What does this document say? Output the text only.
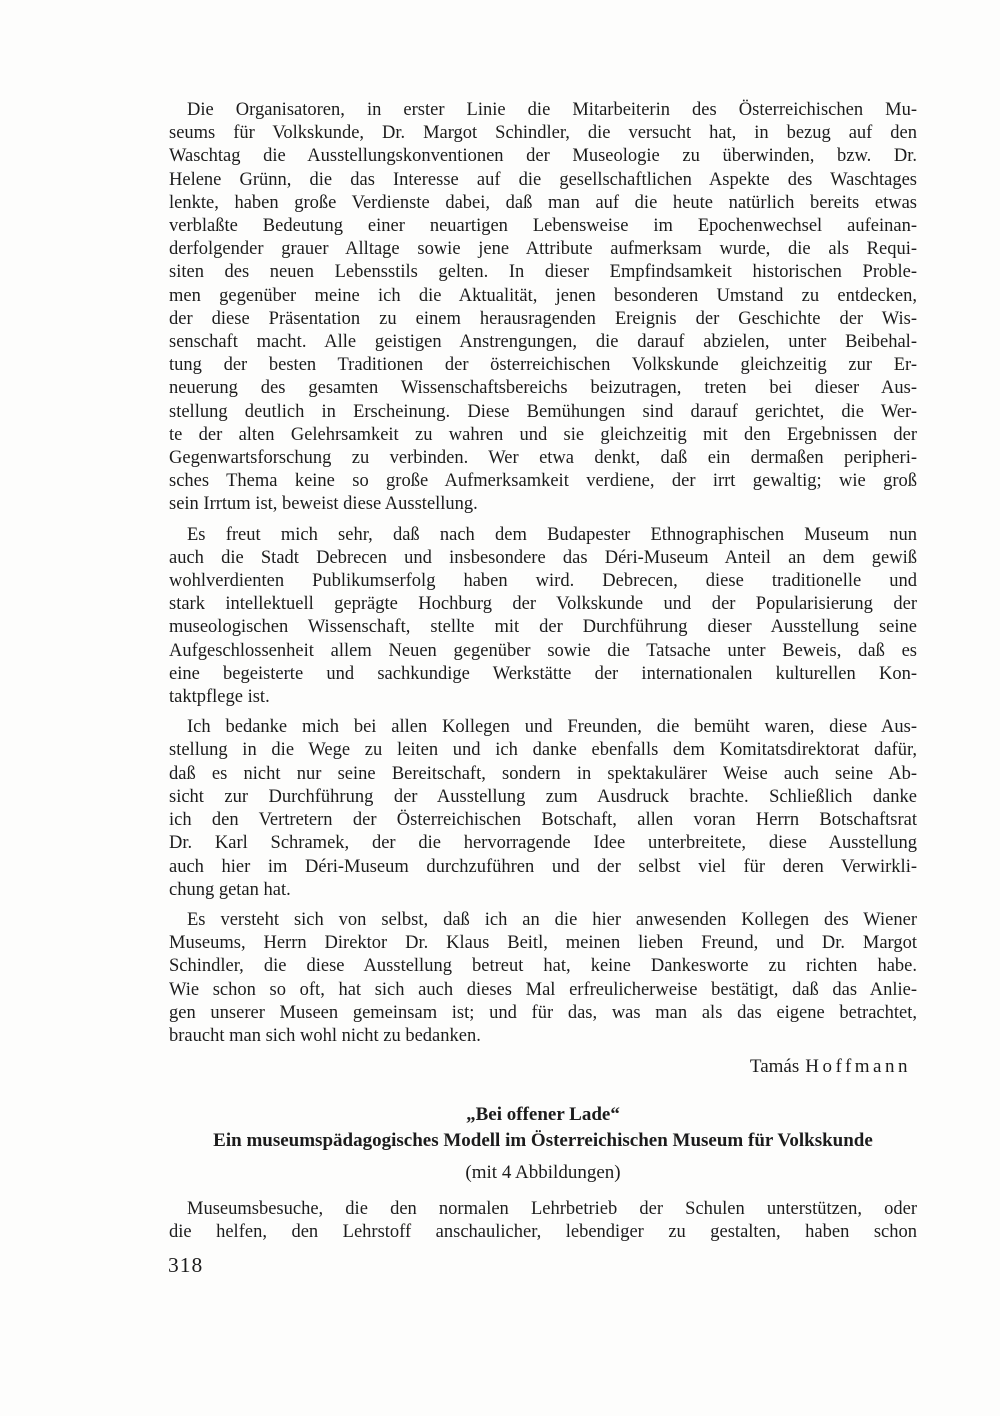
Die Organisatoren, in erster Linie die Mitarbeiterin des Österreichischen Mu-
seums für Volkskunde, Dr. Margot Schindler, die versucht hat, in bezug auf den
Waschtag die Ausstellungskonventionen der Museologie zu überwinden, bzw. Dr.
Helene Grünn, die das Interesse auf die gesellschaftlichen Aspekte des Waschtages
lenkte, haben große Verdienste dabei, daß man auf die heute natürlich bereits etwas
verblaßte Bedeutung einer neuartigen Lebensweise im Epochenwechsel aufeinan-
derfolgender grauer Alltage sowie jene Attribute aufmerksam wurde, die als Requi-
siten des neuen Lebensstils gelten. In dieser Empfindsamkeit historischen Proble-
men gegenüber meine ich die Aktualität, jenen besonderen Umstand zu entdecken,
der diese Präsentation zu einem herausragenden Ereignis der Geschichte der Wis-
senschaft macht. Alle geistigen Anstrengungen, die darauf abzielen, unter Beibehal-
tung der besten Traditionen der österreichischen Volkskunde gleichzeitig zur Er-
neuerung des gesamten Wissenschaftsbereichs beizutragen, treten bei dieser Aus-
stellung deutlich in Erscheinung. Diese Bemühungen sind darauf gerichtet, die Wer-
te der alten Gelehrsamkeit zu wahren und sie gleichzeitig mit den Ergebnissen der
Gegenwartsforschung zu verbinden. Wer etwa denkt, daß ein dermaßen peripheri-
sches Thema keine so große Aufmerksamkeit verdiene, der irrt gewaltig; wie groß
sein Irrtum ist, beweist diese Ausstellung.

Es freut mich sehr, daß nach dem Budapester Ethnographischen Museum nun
auch die Stadt Debrecen und insbesondere das Déri-Museum Anteil an dem gewiß
wohlverdienten Publikumserfolg haben wird. Debrecen, diese traditionelle und
stark intellektuell geprägte Hochburg der Volkskunde und der Popularisierung der
museologischen Wissenschaft, stellte mit der Durchführung dieser Ausstellung seine
Aufgeschlossenheit allem Neuen gegenüber sowie die Tatsache unter Beweis, daß es
eine begeisterte und sachkundige Werkstätte der internationalen kulturellen Kon-
taktpflege ist.

Ich bedanke mich bei allen Kollegen und Freunden, die bemüht waren, diese Aus-
stellung in die Wege zu leiten und ich danke ebenfalls dem Komitatsdirektorat dafür,
daß es nicht nur seine Bereitschaft, sondern in spektakulärer Weise auch seine Ab-
sicht zur Durchführung der Ausstellung zum Ausdruck brachte. Schließlich danke
ich den Vertretern der Österreichischen Botschaft, allen voran Herrn Botschaftsrat
Dr. Karl Schramek, der die hervorragende Idee unterbreitete, diese Ausstellung
auch hier im Déri-Museum durchzuführen und der selbst viel für deren Verwirkli-
chung getan hat.

Es versteht sich von selbst, daß ich an die hier anwesenden Kollegen des Wiener
Museums, Herrn Direktor Dr. Klaus Beitl, meinen lieben Freund, und Dr. Margot
Schindler, die diese Ausstellung betreut hat, keine Dankesworte zu richten habe.
Wie schon so oft, hat sich auch dieses Mal erfreulicherweise bestätigt, daß das Anlie-
gen unserer Museen gemeinsam ist; und für das, was man als das eigene betrachtet,
braucht man sich wohl nicht zu bedanken.

Tamás Hoffmann
„Bei offener Lade“
Ein museumspädagogisches Modell im Österreichischen Museum für Volkskunde
(mit 4 Abbildungen)

Museumsbesuche, die den normalen Lehrbetrieb der Schulen unterstützen, oder
die helfen, den Lehrstoff anschaulicher, lebendiger zu gestalten, haben schon

318
